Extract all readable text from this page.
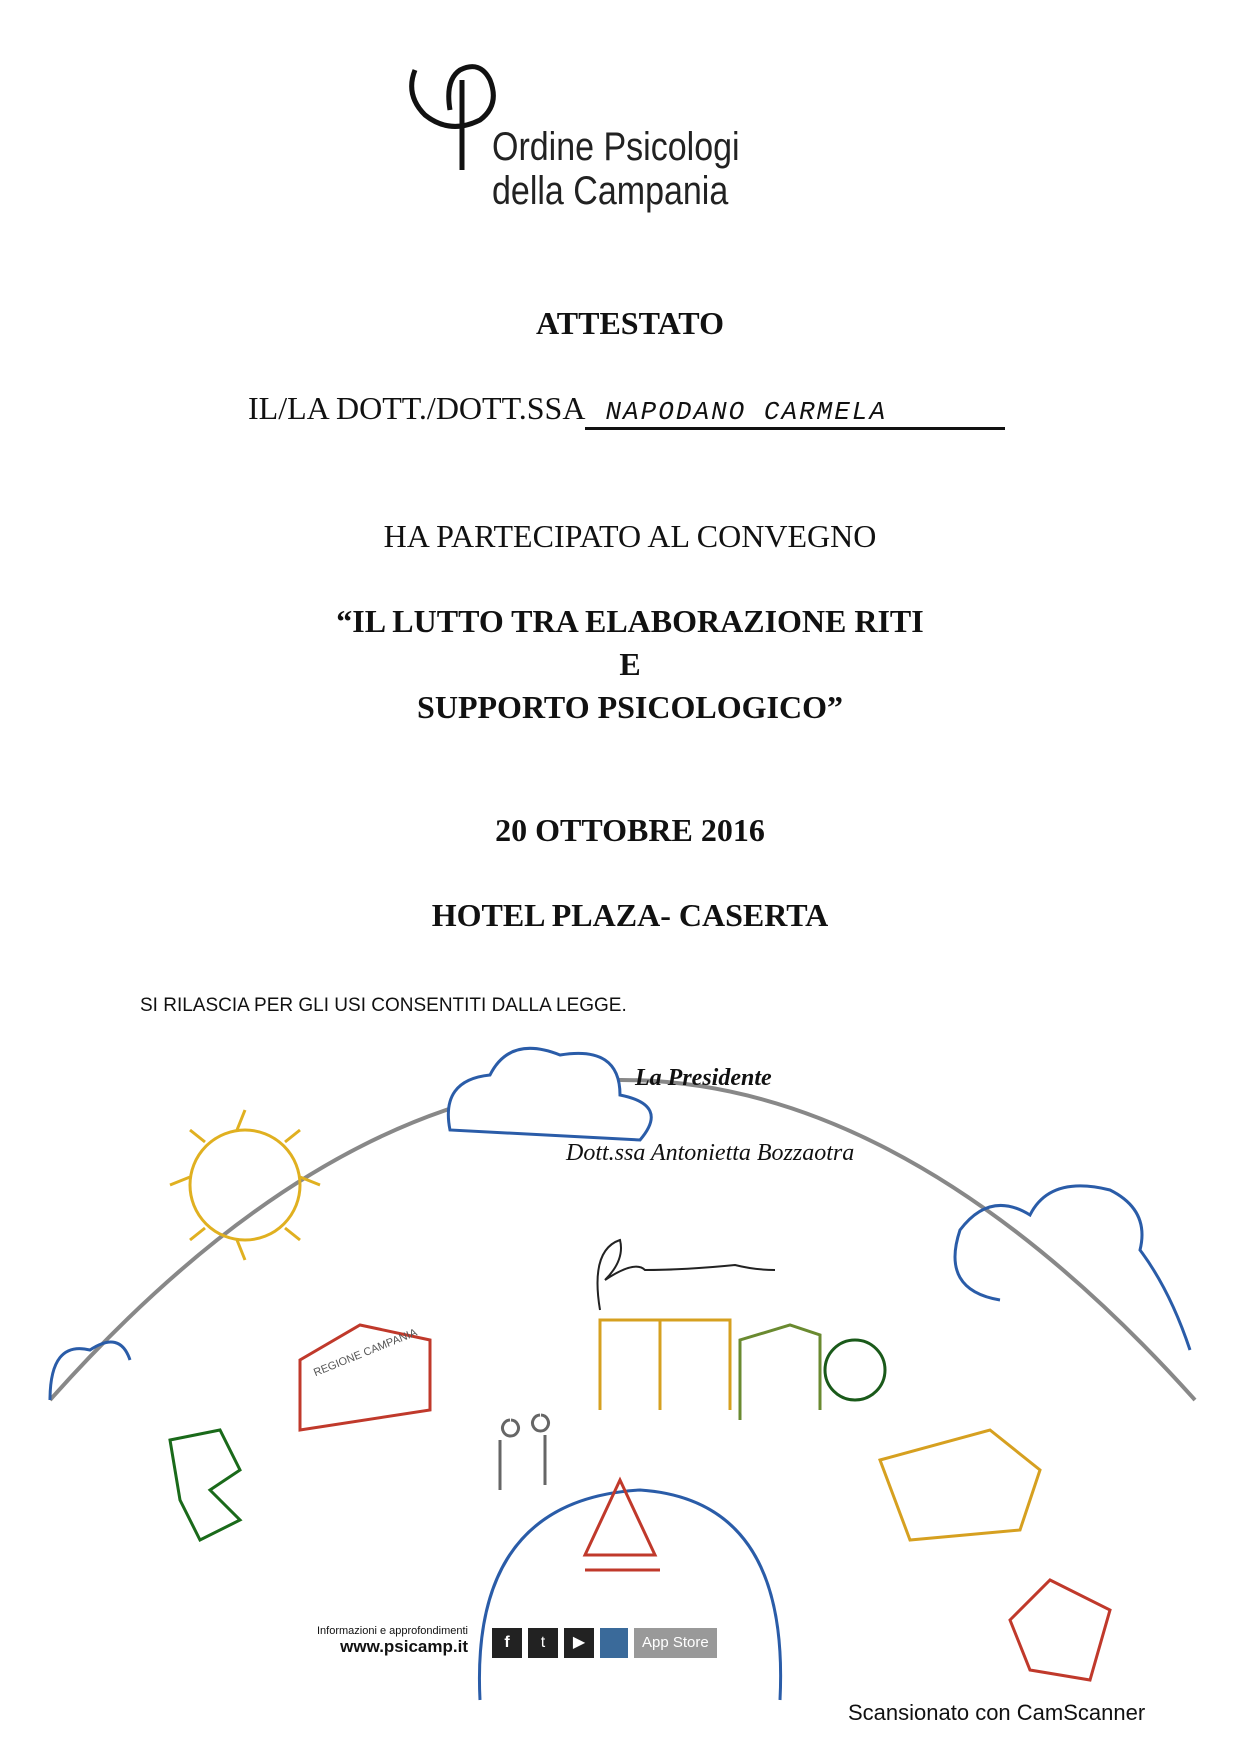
REGIONE CAMPANIA
Ordine Psicologi
della Campania
ATTESTATO
IL/LA DOTT./DOTT.SSA NAPODANO CARMELA
HA PARTECIPATO AL CONVEGNO
“IL LUTTO TRA ELABORAZIONE RITI
E
SUPPORTO PSICOLOGICO”
20 OTTOBRE 2016
HOTEL PLAZA- CASERTA
SI RILASCIA PER GLI USI CONSENTITI DALLA LEGGE.
La Presidente
Dott.ssa Antonietta Bozzaotra
Informazioni e approfondimenti
www.psicamp.it	f	t	▶	App Store
Scansionato con CamScanner
